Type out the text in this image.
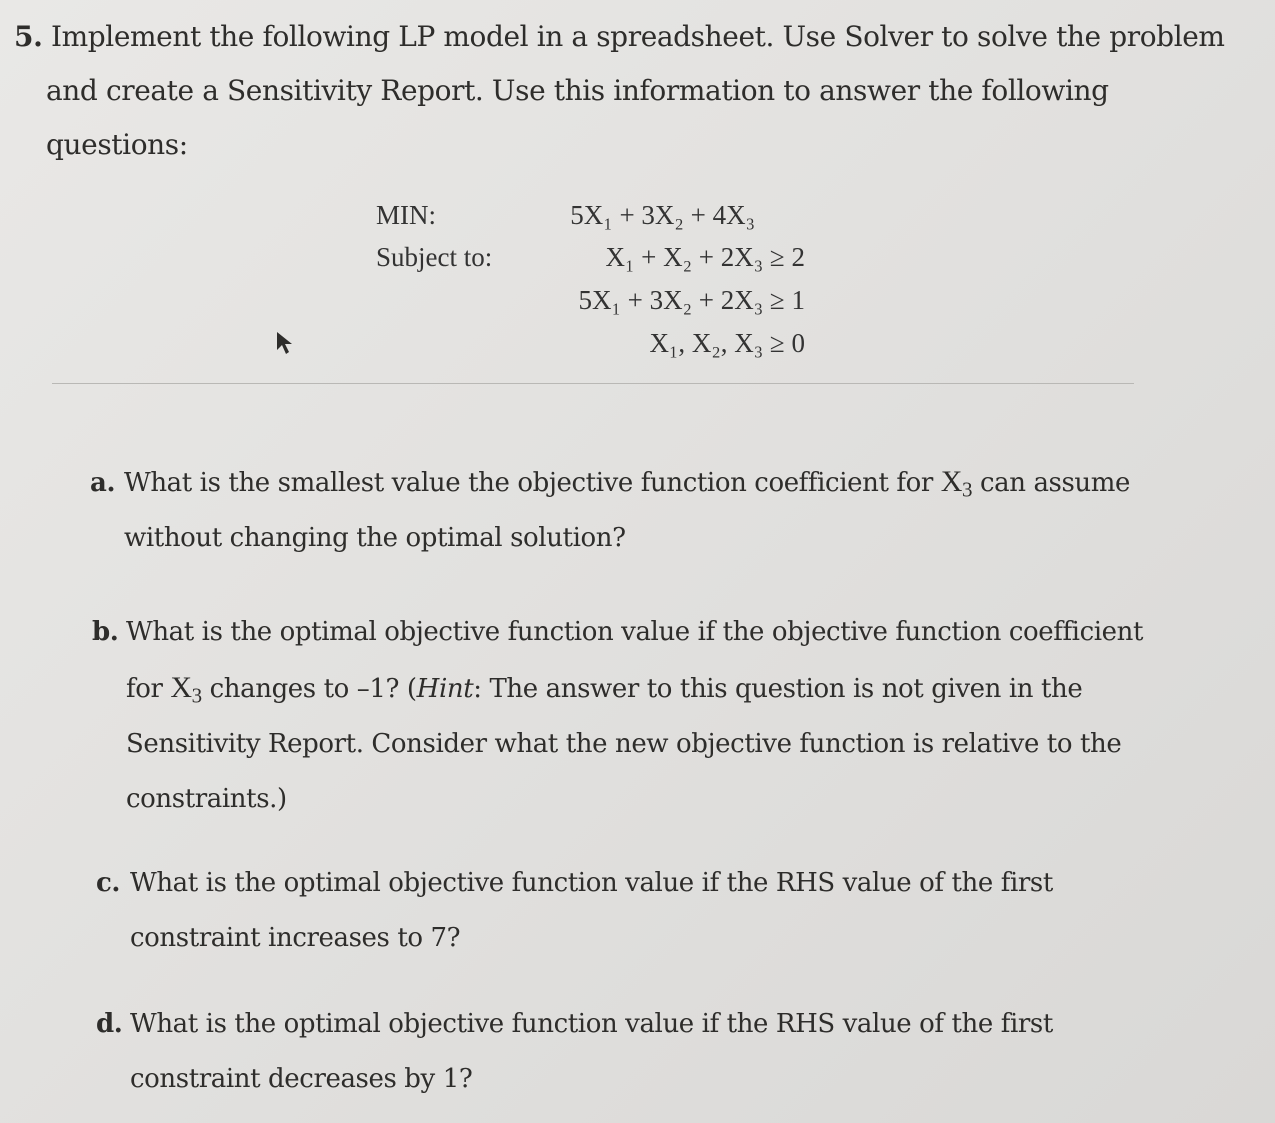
5. Implement the following LP model in a spreadsheet. Use Solver to solve the problem
and create a Sensitivity Report. Use this information to answer the following
questions:
MIN:
Subject to:
5X₁ + 3X₂ + 4X₃
X₁ + X₂ + 2X₃ ≥ 2
5X₁ + 3X₂ + 2X₃ ≥ 1
X₁, X₂, X₃ ≥ 0
a. What is the smallest value the objective function coefficient for $X_3$ can assume
without changing the optimal solution?
b. What is the optimal objective function value if the objective function coefficient
for $X_3$ changes to –1? (Hint: The answer to this question is not given in the
Sensitivity Report. Consider what the new objective function is relative to the
constraints.)
c. What is the optimal objective function value if the RHS value of the first
constraint increases to 7?
d. What is the optimal objective function value if the RHS value of the first
constraint decreases by 1?
